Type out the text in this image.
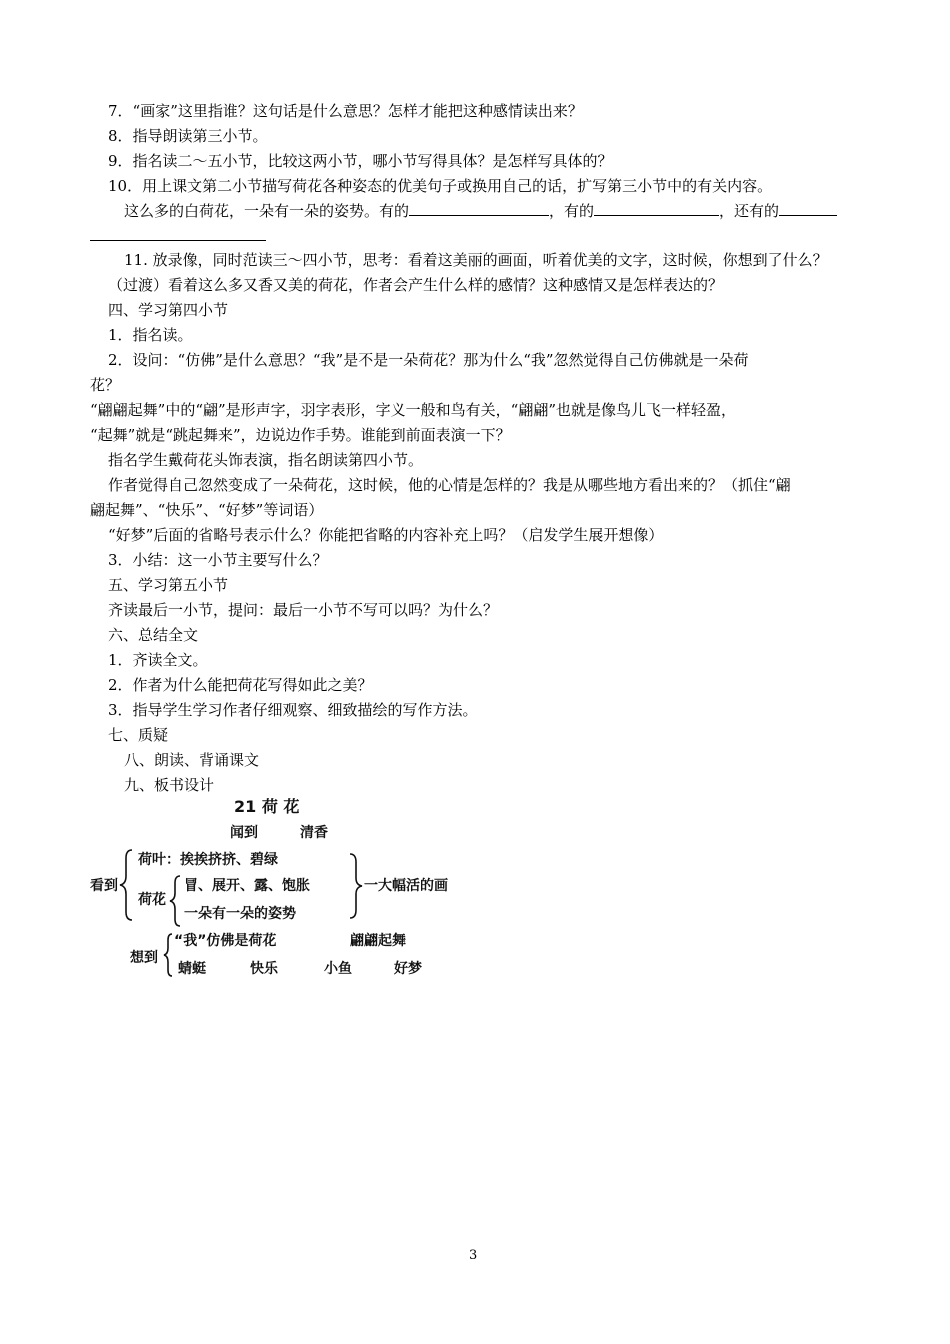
7．“画家”这里指谁？这句话是什么意思？怎样才能把这种感情读出来？
8．指导朗读第三小节。
9．指名读二～五小节，比较这两小节，哪小节写得具体？是怎样写具体的？
10．用上课文第二小节描写荷花各种姿态的优美句子或换用自己的话，扩写第三小节中的有关内容。
这么多的白荷花，一朵有一朵的姿势。有的	，有的	，还有的
11. 放录像，同时范读三～四小节，思考：看着这美丽的画面，听着优美的文字，这时候，你想到了什么？
（过渡）看着这么多又香又美的荷花，作者会产生什么样的感情？这种感情又是怎样表达的？
四、学习第四小节
1．指名读。
2．设问：“仿佛”是什么意思？“我”是不是一朵荷花？那为什么“我”忽然觉得自己仿佛就是一朵荷
花？
“翩翩起舞”中的“翩”是形声字，羽字表形，字义一般和鸟有关，“翩翩”也就是像鸟儿飞一样轻盈，
“起舞”就是“跳起舞来”，边说边作手势。谁能到前面表演一下？
指名学生戴荷花头饰表演，指名朗读第四小节。
作者觉得自己忽然变成了一朵荷花，这时候，他的心情是怎样的？我是从哪些地方看出来的？（抓住“翩
翩起舞”、“快乐”、“好梦”等词语）
“好梦”后面的省略号表示什么？你能把省略的内容补充上吗？（启发学生展开想像）
3．小结：这一小节主要写什么？
五、学习第五小节
齐读最后一小节，提问：最后一小节不写可以吗？为什么？
六、总结全文
1．齐读全文。
2．作者为什么能把荷花写得如此之美？
3．指导学生学习作者仔细观察、细致描绘的写作方法。
七、质疑
八、朗读、背诵课文
九、板书设计
21 荷 花
闻到	清香
看到
荷叶：挨挨挤挤、碧绿
荷花
冒、展开、露、饱胀
一朵有一朵的姿势
一大幅活的画
想到
“我”仿佛是荷花	翩翩起舞
蜻蜓	快乐	小鱼	好梦
3
